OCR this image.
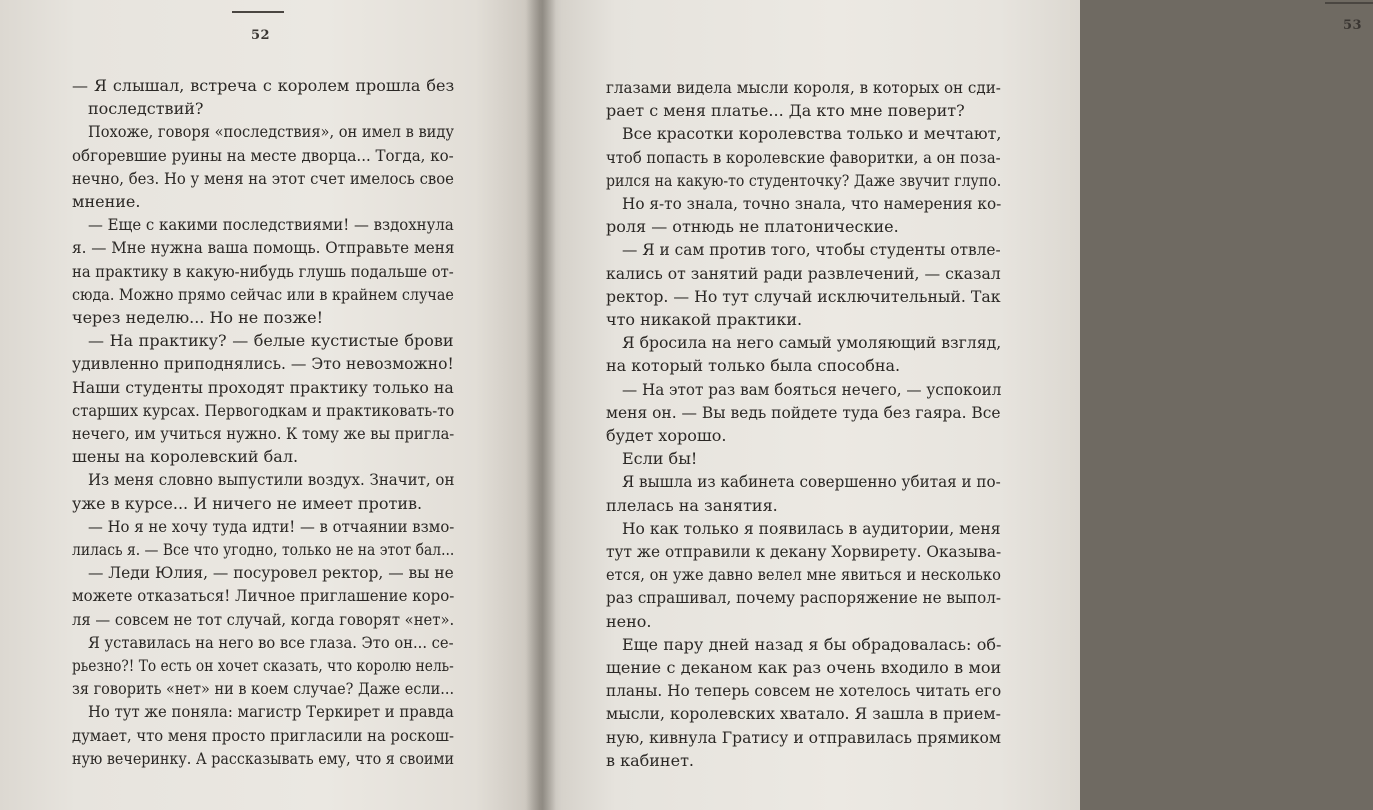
52
— Я слышал, встреча с королем прошла без
последствий?
Похоже, говоря «последствия», он имел в виду
обгоревшие руины на месте дворца... Тогда, ко-
нечно, без. Но у меня на этот счет имелось свое
мнение.
— Еще с какими последствиями! — вздохнула
я. — Мне нужна ваша помощь. Отправьте меня
на практику в какую-нибудь глушь подальше от-
сюда. Можно прямо сейчас или в крайнем случае
через неделю... Но не позже!
— На практику? — белые кустистые брови
удивленно приподнялись. — Это невозможно!
Наши студенты проходят практику только на
старших курсах. Первогодкам и практиковать-то
нечего, им учиться нужно. К тому же вы пригла-
шены на королевский бал.
Из меня словно выпустили воздух. Значит, он
уже в курсе... И ничего не имеет против.
— Но я не хочу туда идти! — в отчаянии взмо-
лилась я. — Все что угодно, только не на этот бал...
— Леди Юлия, — посуровел ректор, — вы не
можете отказаться! Личное приглашение коро-
ля — совсем не тот случай, когда говорят «нет».
Я уставилась на него во все глаза. Это он... се-
рьезно?! То есть он хочет сказать, что королю нель-
зя говорить «нет» ни в коем случае? Даже если...
Но тут же поняла: магистр Теркирет и правда
думает, что меня просто пригласили на роскош-
ную вечеринку. А рассказывать ему, что я своими
53
глазами видела мысли короля, в которых он сди-
рает с меня платье... Да кто мне поверит?
Все красотки королевства только и мечтают,
чтоб попасть в королевские фаворитки, а он поза-
рился на какую-то студенточку? Даже звучит глупо.
Но я-то знала, точно знала, что намерения ко-
роля — отнюдь не платонические.
— Я и сам против того, чтобы студенты отвле-
кались от занятий ради развлечений, — сказал
ректор. — Но тут случай исключительный. Так
что никакой практики.
Я бросила на него самый умоляющий взгляд,
на который только была способна.
— На этот раз вам бояться нечего, — успокоил
меня он. — Вы ведь пойдете туда без гаяра. Все
будет хорошо.
Если бы!
Я вышла из кабинета совершенно убитая и по-
плелась на занятия.
Но как только я появилась в аудитории, меня
тут же отправили к декану Хорвирету. Оказыва-
ется, он уже давно велел мне явиться и несколько
раз спрашивал, почему распоряжение не выпол-
нено.
Еще пару дней назад я бы обрадовалась: об-
щение с деканом как раз очень входило в мои
планы. Но теперь совсем не хотелось читать его
мысли, королевских хватало. Я зашла в прием-
ную, кивнула Гратису и отправилась прямиком
в кабинет.
